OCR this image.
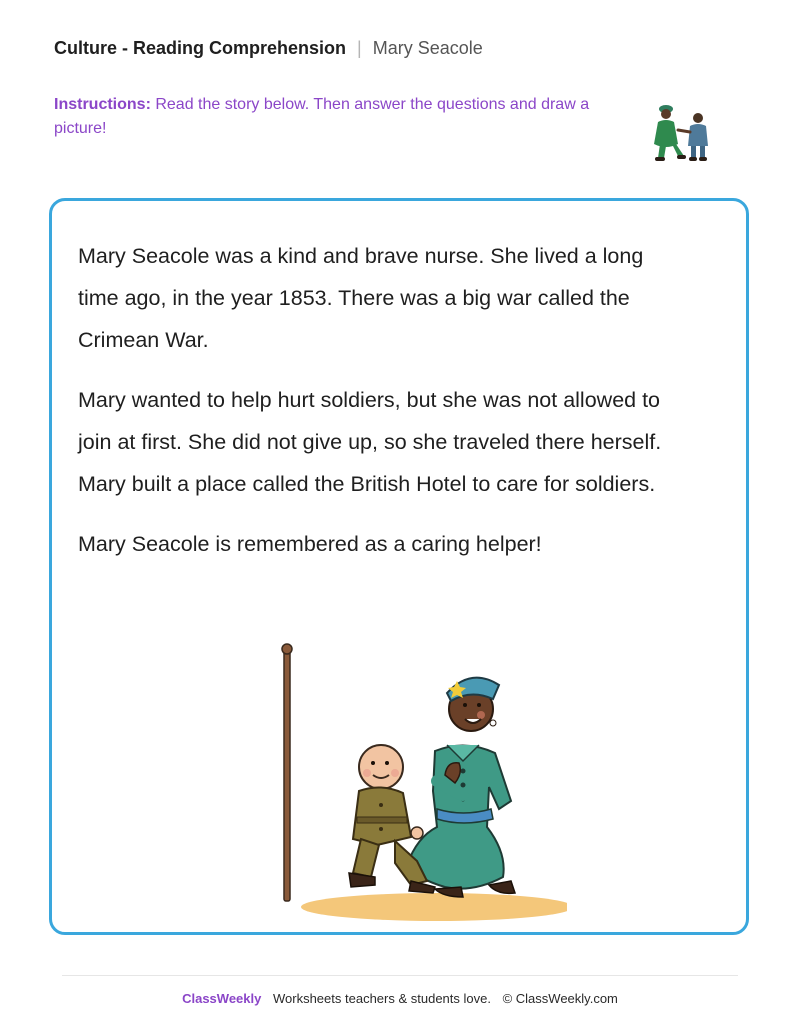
Culture - Reading Comprehension | Mary Seacole
Instructions: Read the story below. Then answer the questions and draw a picture!

Mary Seacole was a kind and brave nurse. She lived a long time ago, in the year 1853. There was a big war called the Crimean War.

Mary wanted to help hurt soldiers, but she was not allowed to join at first. She did not give up, so she traveled there herself. Mary built a place called the British Hotel to care for soldiers.

Mary Seacole is remembered as a caring helper!

ClassWeekly Worksheets teachers & students love. © ClassWeekly.com
